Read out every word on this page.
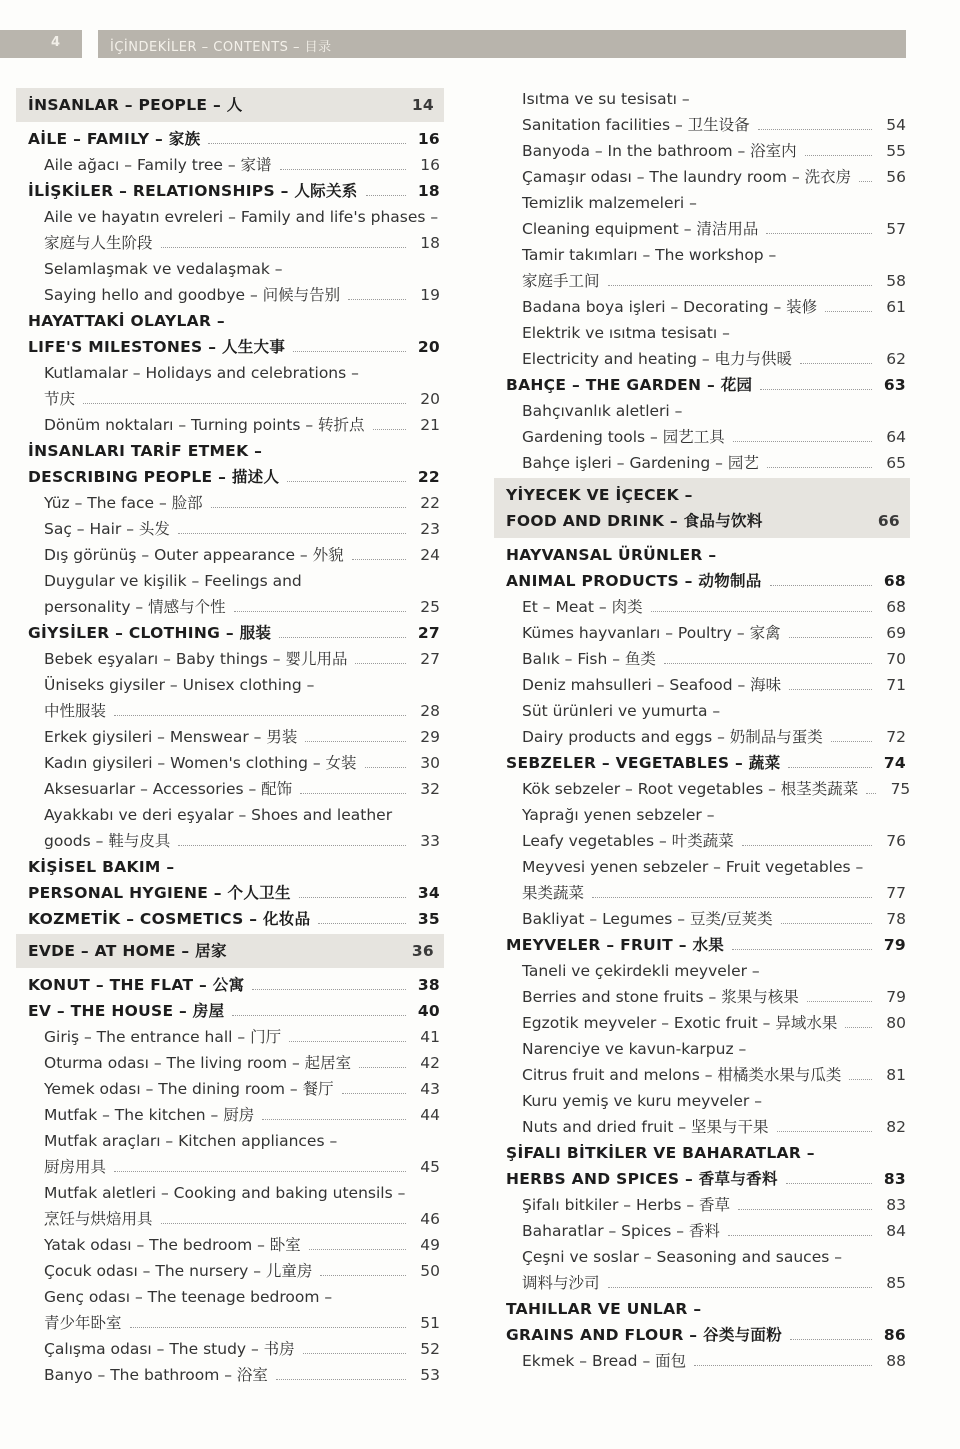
4	İÇİNDEKİLER – CONTENTS – 目录
İNSANLAR – PEOPLE – 人	14
AİLE – FAMILY – 家族	16
Aile ağacı – Family tree – 家谱	16
İLİŞKİLER – RELATIONSHIPS – 人际关系	18
Aile ve hayatın evreleri – Family and life's phases –
家庭与人生阶段	18
Selamlaşmak ve vedalaşmak –
Saying hello and goodbye – 问候与告别	19
HAYATTAKİ OLAYLAR –
LIFE'S MILESTONES – 人生大事	20
Kutlamalar – Holidays and celebrations –
节庆	20
Dönüm noktaları – Turning points – 转折点	21
İNSANLARI TARİF ETMEK –
DESCRIBING PEOPLE – 描述人	22
Yüz – The face – 脸部	22
Saç – Hair – 头发	23
Dış görünüş – Outer appearance – 外貌	24
Duygular ve kişilik – Feelings and
personality – 情感与个性	25
GİYSİLER – CLOTHING – 服装	27
Bebek eşyaları – Baby things – 婴儿用品	27
Üniseks giysiler – Unisex clothing –
中性服装	28
Erkek giysileri – Menswear – 男装	29
Kadın giysileri – Women's clothing – 女装	30
Aksesuarlar – Accessories – 配饰	32
Ayakkabı ve deri eşyalar – Shoes and leather
goods – 鞋与皮具	33
KİŞİSEL BAKIM –
PERSONAL HYGIENE – 个人卫生	34
KOZMETİK – COSMETICS – 化妆品	35
EVDE – AT HOME – 居家	36
KONUT – THE FLAT – 公寓	38
EV – THE HOUSE – 房屋	40
Giriş – The entrance hall – 门厅	41
Oturma odası – The living room – 起居室	42
Yemek odası – The dining room – 餐厅	43
Mutfak – The kitchen – 厨房	44
Mutfak araçları – Kitchen appliances –
厨房用具	45
Mutfak aletleri – Cooking and baking utensils –
烹饪与烘焙用具	46
Yatak odası – The bedroom – 卧室	49
Çocuk odası – The nursery – 儿童房	50
Genç odası – The teenage bedroom –
青少年卧室	51
Çalışma odası – The study – 书房	52
Banyo – The bathroom – 浴室	53
Isıtma ve su tesisatı –
Sanitation facilities – 卫生设备	54
Banyoda – In the bathroom – 浴室内	55
Çamaşır odası – The laundry room – 洗衣房	56
Temizlik malzemeleri –
Cleaning equipment – 清洁用品	57
Tamir takımları – The workshop –
家庭手工间	58
Badana boya işleri – Decorating – 装修	61
Elektrik ve ısıtma tesisatı –
Electricity and heating – 电力与供暖	62
BAHÇE – THE GARDEN – 花园	63
Bahçıvanlık aletleri –
Gardening tools – 园艺工具	64
Bahçe işleri – Gardening – 园艺	65
YİYECEK VE İÇECEK –
FOOD AND DRINK – 食品与饮料	66
HAYVANSAL ÜRÜNLER –
ANIMAL PRODUCTS – 动物制品	68
Et – Meat – 肉类	68
Kümes hayvanları – Poultry – 家禽	69
Balık – Fish – 鱼类	70
Deniz mahsulleri – Seafood – 海味	71
Süt ürünleri ve yumurta –
Dairy products and eggs – 奶制品与蛋类	72
SEBZELER – VEGETABLES – 蔬菜	74
Kök sebzeler – Root vegetables – 根茎类蔬菜	75
Yaprağı yenen sebzeler –
Leafy vegetables – 叶类蔬菜	76
Meyvesi yenen sebzeler – Fruit vegetables –
果类蔬菜	77
Bakliyat – Legumes – 豆类/豆荚类	78
MEYVELER – FRUIT – 水果	79
Taneli ve çekirdekli meyveler –
Berries and stone fruits – 浆果与核果	79
Egzotik meyveler – Exotic fruit – 异域水果	80
Narenciye ve kavun-karpuz –
Citrus fruit and melons – 柑橘类水果与瓜类	81
Kuru yemiş ve kuru meyveler –
Nuts and dried fruit – 坚果与干果	82
ŞİFALI BİTKİLER VE BAHARATLAR –
HERBS AND SPICES – 香草与香料	83
Şifalı bitkiler – Herbs – 香草	83
Baharatlar – Spices – 香料	84
Çeşni ve soslar – Seasoning and sauces –
调料与沙司	85
TAHILLAR VE UNLAR –
GRAINS AND FLOUR – 谷类与面粉	86
Ekmek – Bread – 面包	88
